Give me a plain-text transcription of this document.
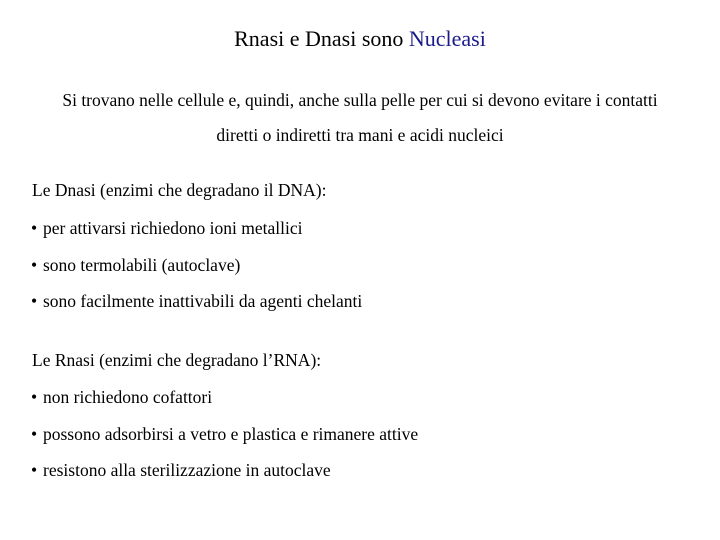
Rnasi e Dnasi sono Nucleasi
Si trovano nelle cellule e, quindi, anche sulla pelle per cui si devono evitare i contatti
diretti o indiretti tra mani e acidi nucleici
Le Dnasi (enzimi che degradano il DNA):
• per attivarsi richiedono ioni metallici
• sono termolabili (autoclave)
• sono facilmente inattivabili da agenti chelanti
Le Rnasi (enzimi che degradano l’RNA):
• non richiedono cofattori
• possono adsorbirsi a vetro e plastica e rimanere attive
• resistono alla sterilizzazione in autoclave
